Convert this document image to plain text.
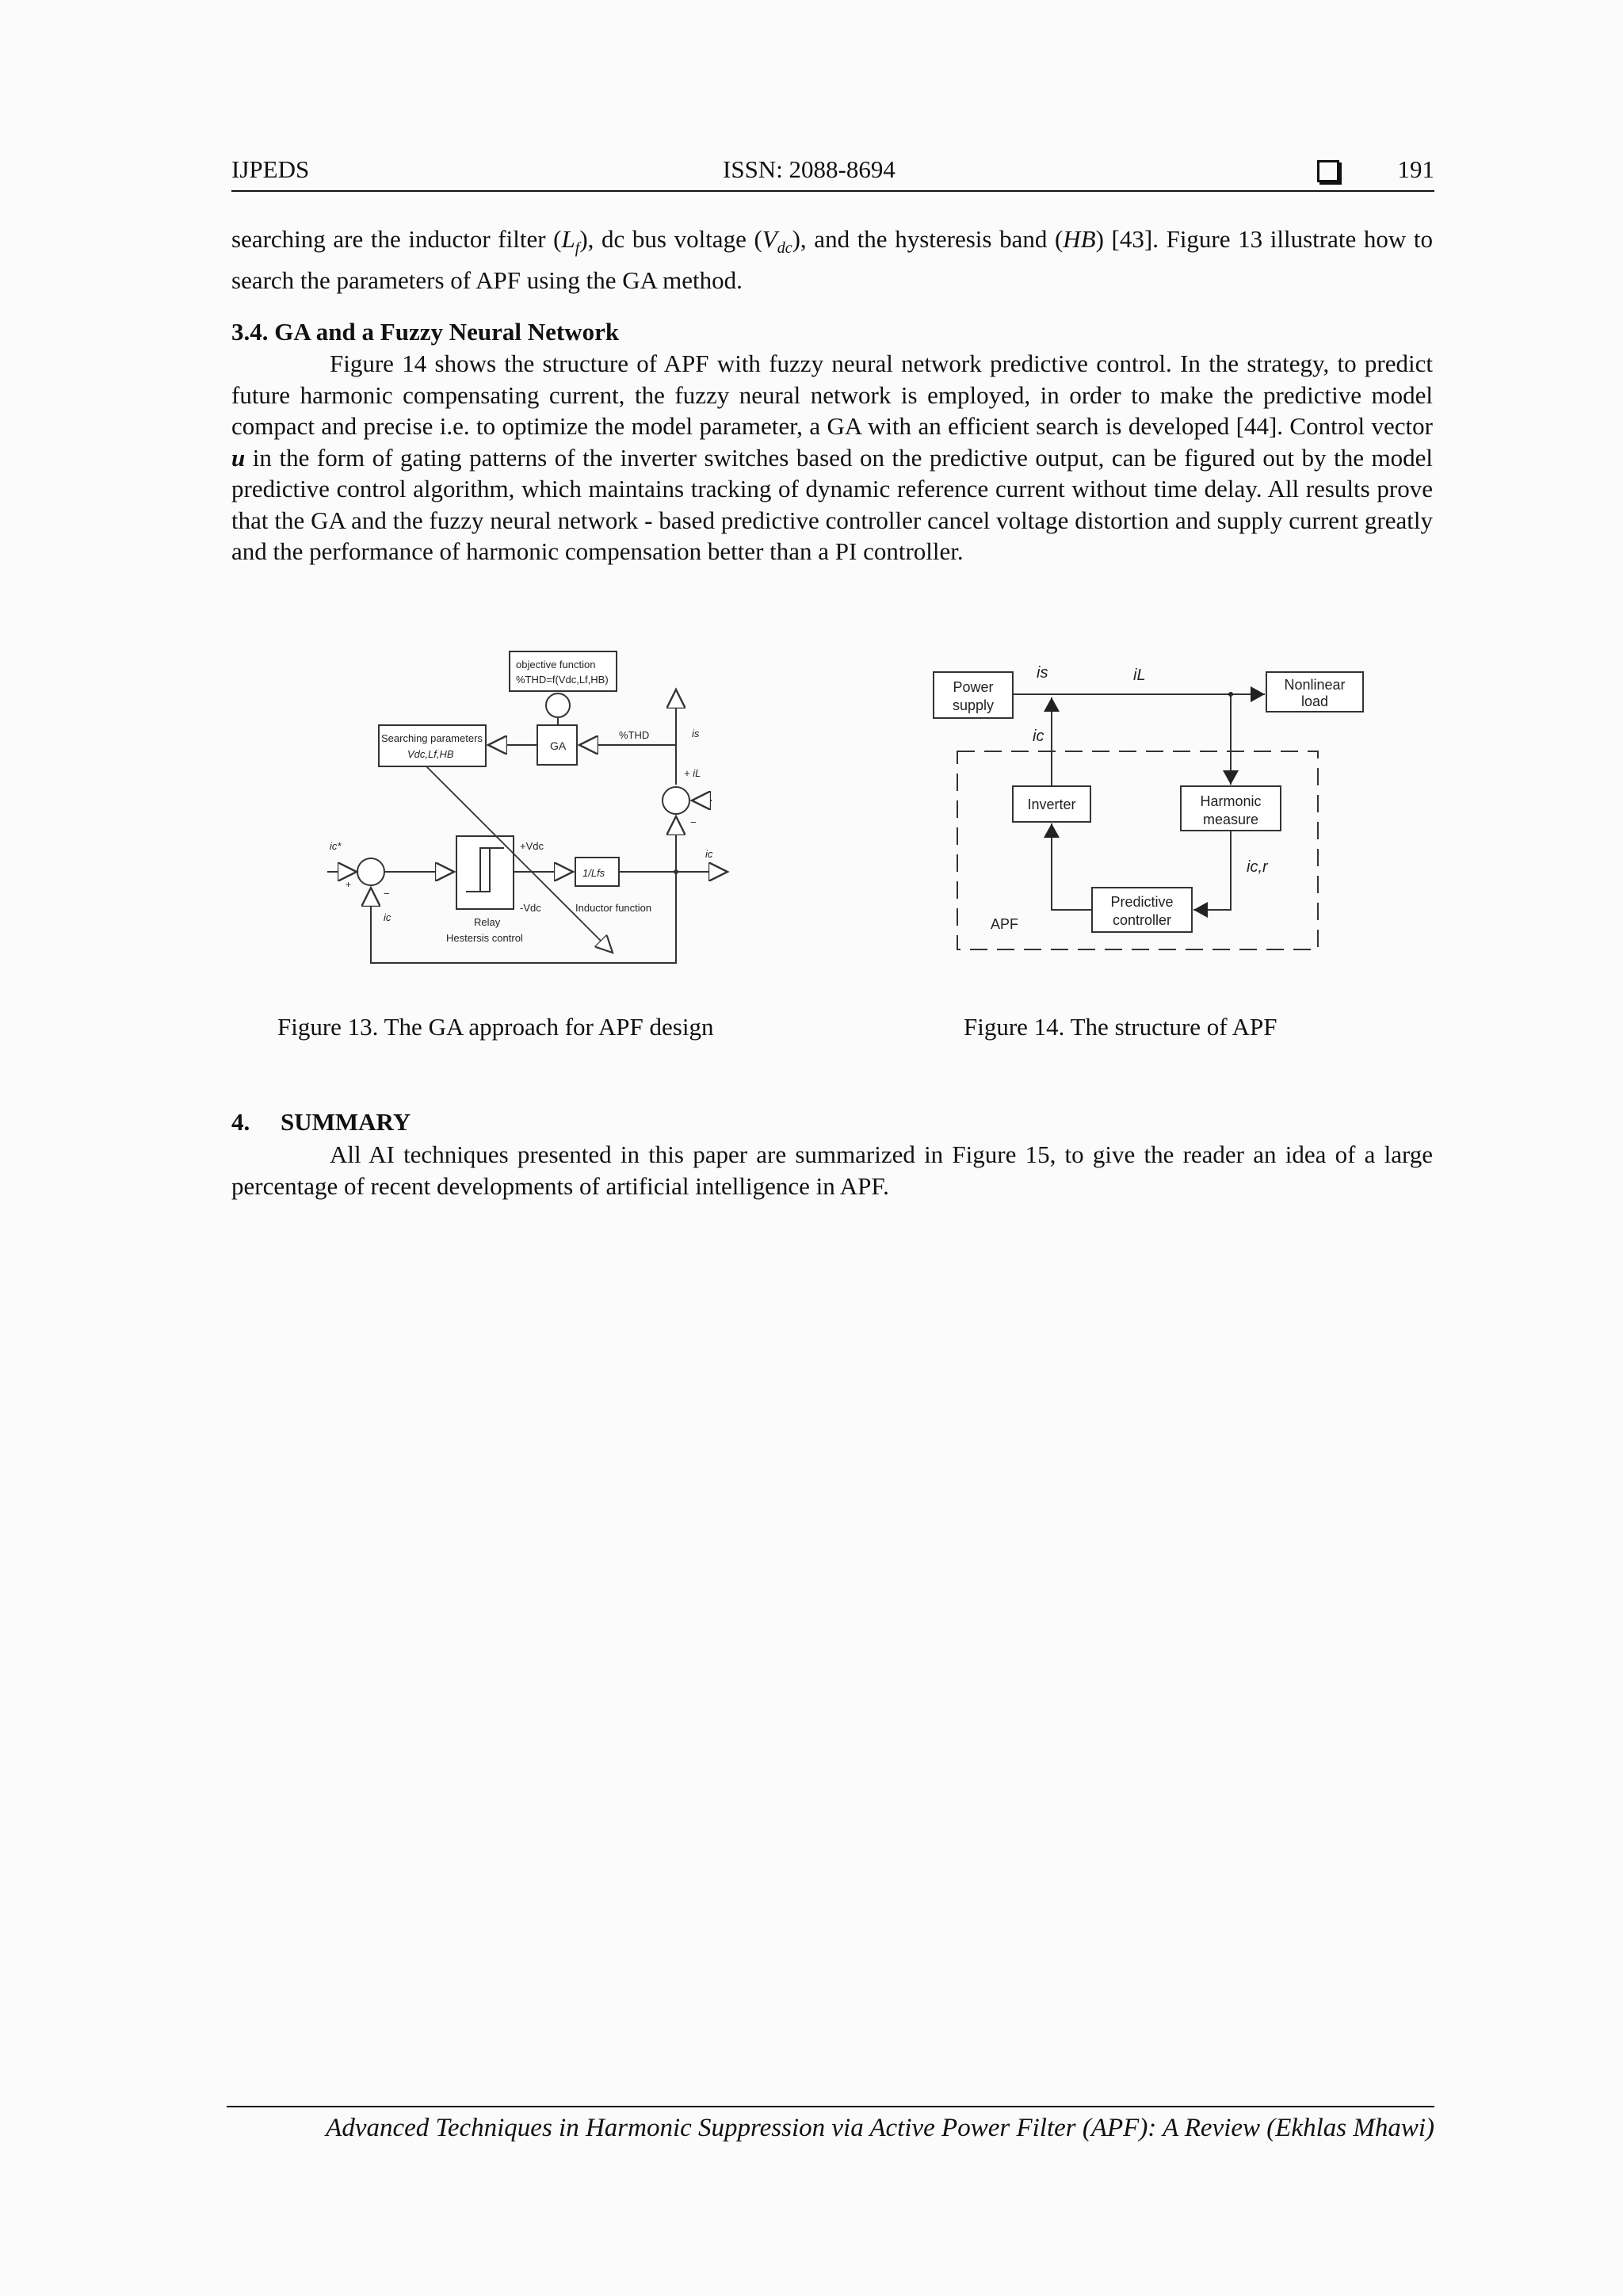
IJPEDS	ISSN: 2088-8694	191

searching are the inductor filter $(L_f)$, dc bus voltage $(V_{dc})$, and the hysteresis band (HB) [43]. Figure 13 illustrate how to search the parameters of APF using the GA method.

3.4. GA and a Fuzzy Neural Network

Figure 14 shows the structure of APF with fuzzy neural network predictive control. In the strategy, to predict future harmonic compensating current, the fuzzy neural network is employed, in order to make the predictive model compact and precise i.e. to optimize the model parameter, a GA with an efficient search is developed [44]. Control vector u in the form of gating patterns of the inverter switches based on the predictive output, can be figured out by the model predictive control algorithm, which maintains tracking of dynamic reference current without time delay. All results prove that the GA and the fuzzy neural network - based predictive controller cancel voltage distortion and supply current greatly and the performance of harmonic compensation better than a PI controller.

objective function
%THD=f(Vdc,Lf,HB)
GA
Searching parameters
Vdc,Lf,HB
%THD	is
+ iL
−
ic*
+
−
ic	Relay
Hestersis control
+Vdc
-Vdc
1/Lfs
Inductor function
ic

Figure 13. The GA approach for APF design

Power
supply
Nonlinear
load
is	iL
APF
Inverter
ic
Harmonic
measure
Predictive
controller
ic,r

Figure 14. The structure of APF

4.     SUMMARY

All AI techniques presented in this paper are summarized in Figure 15, to give the reader an idea of a large percentage of recent developments of artificial intelligence in APF.

Advanced Techniques in Harmonic Suppression via Active Power Filter (APF): A Review (Ekhlas Mhawi)
